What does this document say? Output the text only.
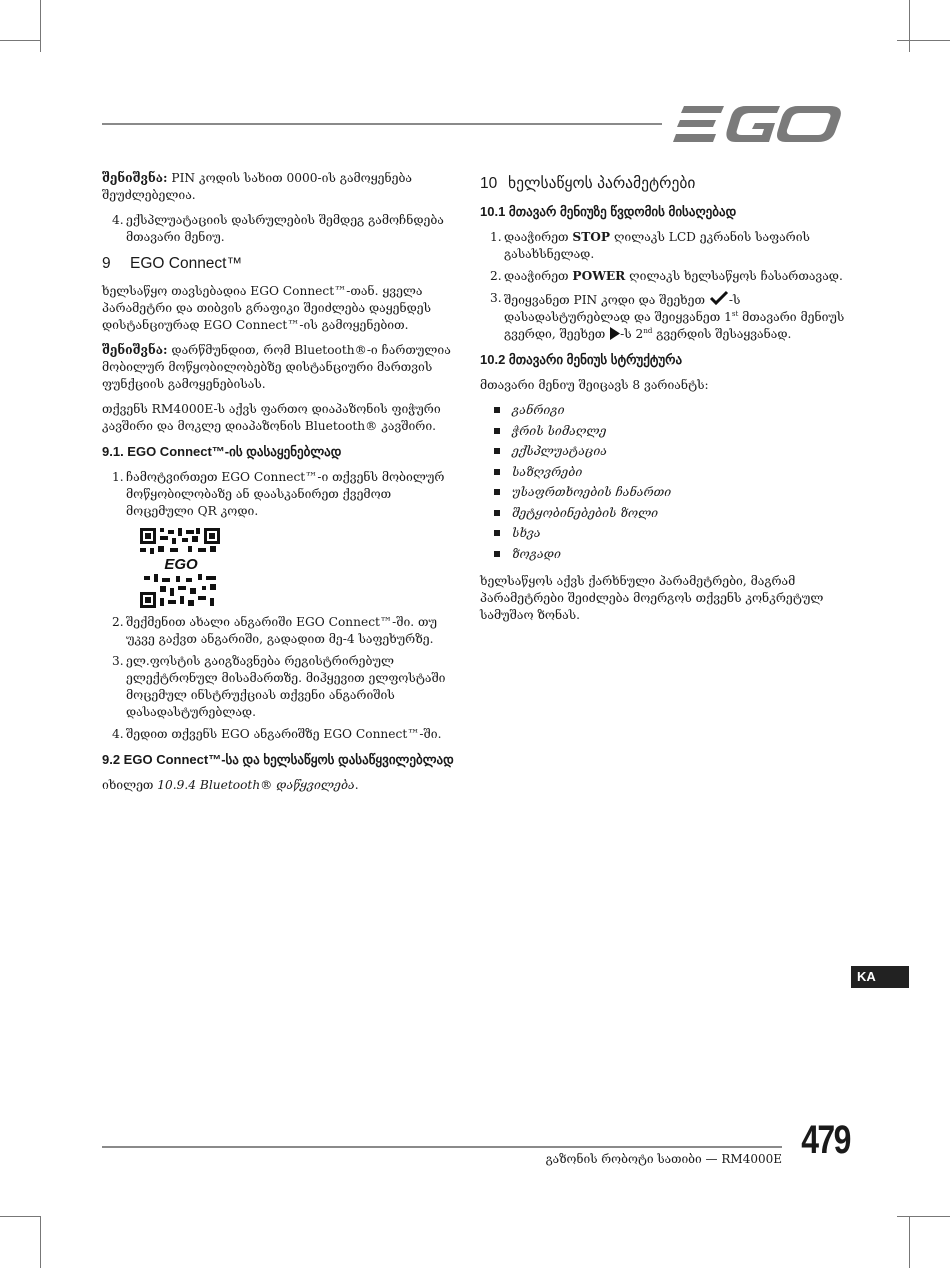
შენიშვნა: PIN კოდის სახით 0000-ის გამოყენება შეუძლებელია.

4. ექსპლუატაციის დასრულების შემდეგ გამოჩნდება მთავარი მენიუ.
9 EGO Connect™

ხელსაწყო თავსებადია EGO Connect™-თან. ყველა პარამეტრი და თიბვის გრაფიკი შეიძლება დაყენდეს დისტანციურად EGO Connect™-ის გამოყენებით.

შენიშვნა: დარწმუნდით, რომ Bluetooth®-ი ჩართულია მობილურ მოწყობილობებზე დისტანციური მართვის ფუნქციის გამოყენებისას.

თქვენს RM4000E-ს აქვს ფართო დიაპაზონის ფიჭური კავშირი და მოკლე დიაპაზონის Bluetooth® კავშირი.

9.1. EGO Connect™-ის დასაყენებლად
1. ჩამოტვირთეთ EGO Connect™-ი თქვენს მობილურ მოწყობილობაზე ან დაასკანირეთ ქვემოთ მოცემული QR კოდი.
EGO
2. შექმენით ახალი ანგარიში EGO Connect™-ში. თუ უკვე გაქვთ ანგარიში, გადადით მე-4 საფეხურზე.
3. ელ.ფოსტის გაიგზავნება რეგისტრირებულ ელექტრონულ მისამართზე. მიჰყევით ელფოსტაში მოცემულ ინსტრუქციას თქვენი ანგარიშის დასადასტურებლად.
4. შედით თქვენს EGO ანგარიშზე EGO Connect™-ში.
9.2 EGO Connect™-სა და ხელსაწყოს დასაწყვილებლად

იხილეთ 10.9.4 Bluetooth® დაწყვილება.

10 ხელსაწყოს პარამეტრები
10.1 მთავარ მენიუზე წვდომის მისაღებად
1. დააჭირეთ STOP ღილაკს LCD ეკრანის საფარის გასახსნელად.
2. დააჭირეთ POWER ღილაკს ხელსაწყოს ჩასართავად.
3. შეიყვანეთ PIN კოდი და შეეხეთ -ს დასადასტურებლად და შეიყვანეთ 1st მთავარი მენიუს გვერდი, შეეხეთ -ს 2nd გვერდის შესაყვანად.
10.2 მთავარი მენიუს სტრუქტურა

მთავარი მენიუ შეიცავს 8 ვარიანტს:

განრიგი
ჭრის სიმაღლე
ექსპლუატაცია
საზღვრები
უსაფრთხოების ჩანართი
შეტყობინებების ზოლი
სხვა
ზოგადი

ხელსაწყოს აქვს ქარხნული პარამეტრები, მაგრამ პარამეტრები შეიძლება მოერგოს თქვენს კონკრეტულ სამუშაო ზონას.

KA
გაზონის რობოტი სათიბი — RM4000E 479
